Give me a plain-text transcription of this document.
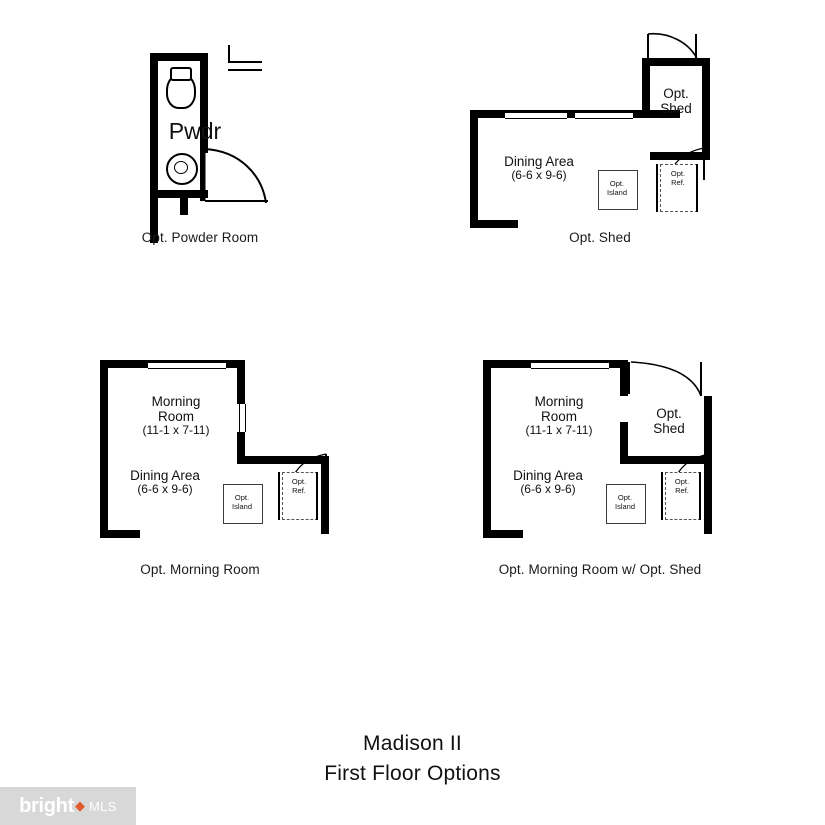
Pwdr
Opt. Powder Room
Opt.
Ref.
Opt.
Island
Dining Area
(6-6 x 9-6)
Opt.
Shed
Opt. Shed
Opt.
Ref.
Opt.
Island
Morning
Room
(11-1 x 7-11)
Dining Area
(6-6 x 9-6)
Opt. Morning Room
Opt.
Ref.
Opt.
Island
Morning
Room
(11-1 x 7-11)
Dining Area
(6-6 x 9-6)
Opt.
Shed
Opt. Morning Room w/ Opt. Shed
Madison II
First Floor Options
bright ◆ MLS
